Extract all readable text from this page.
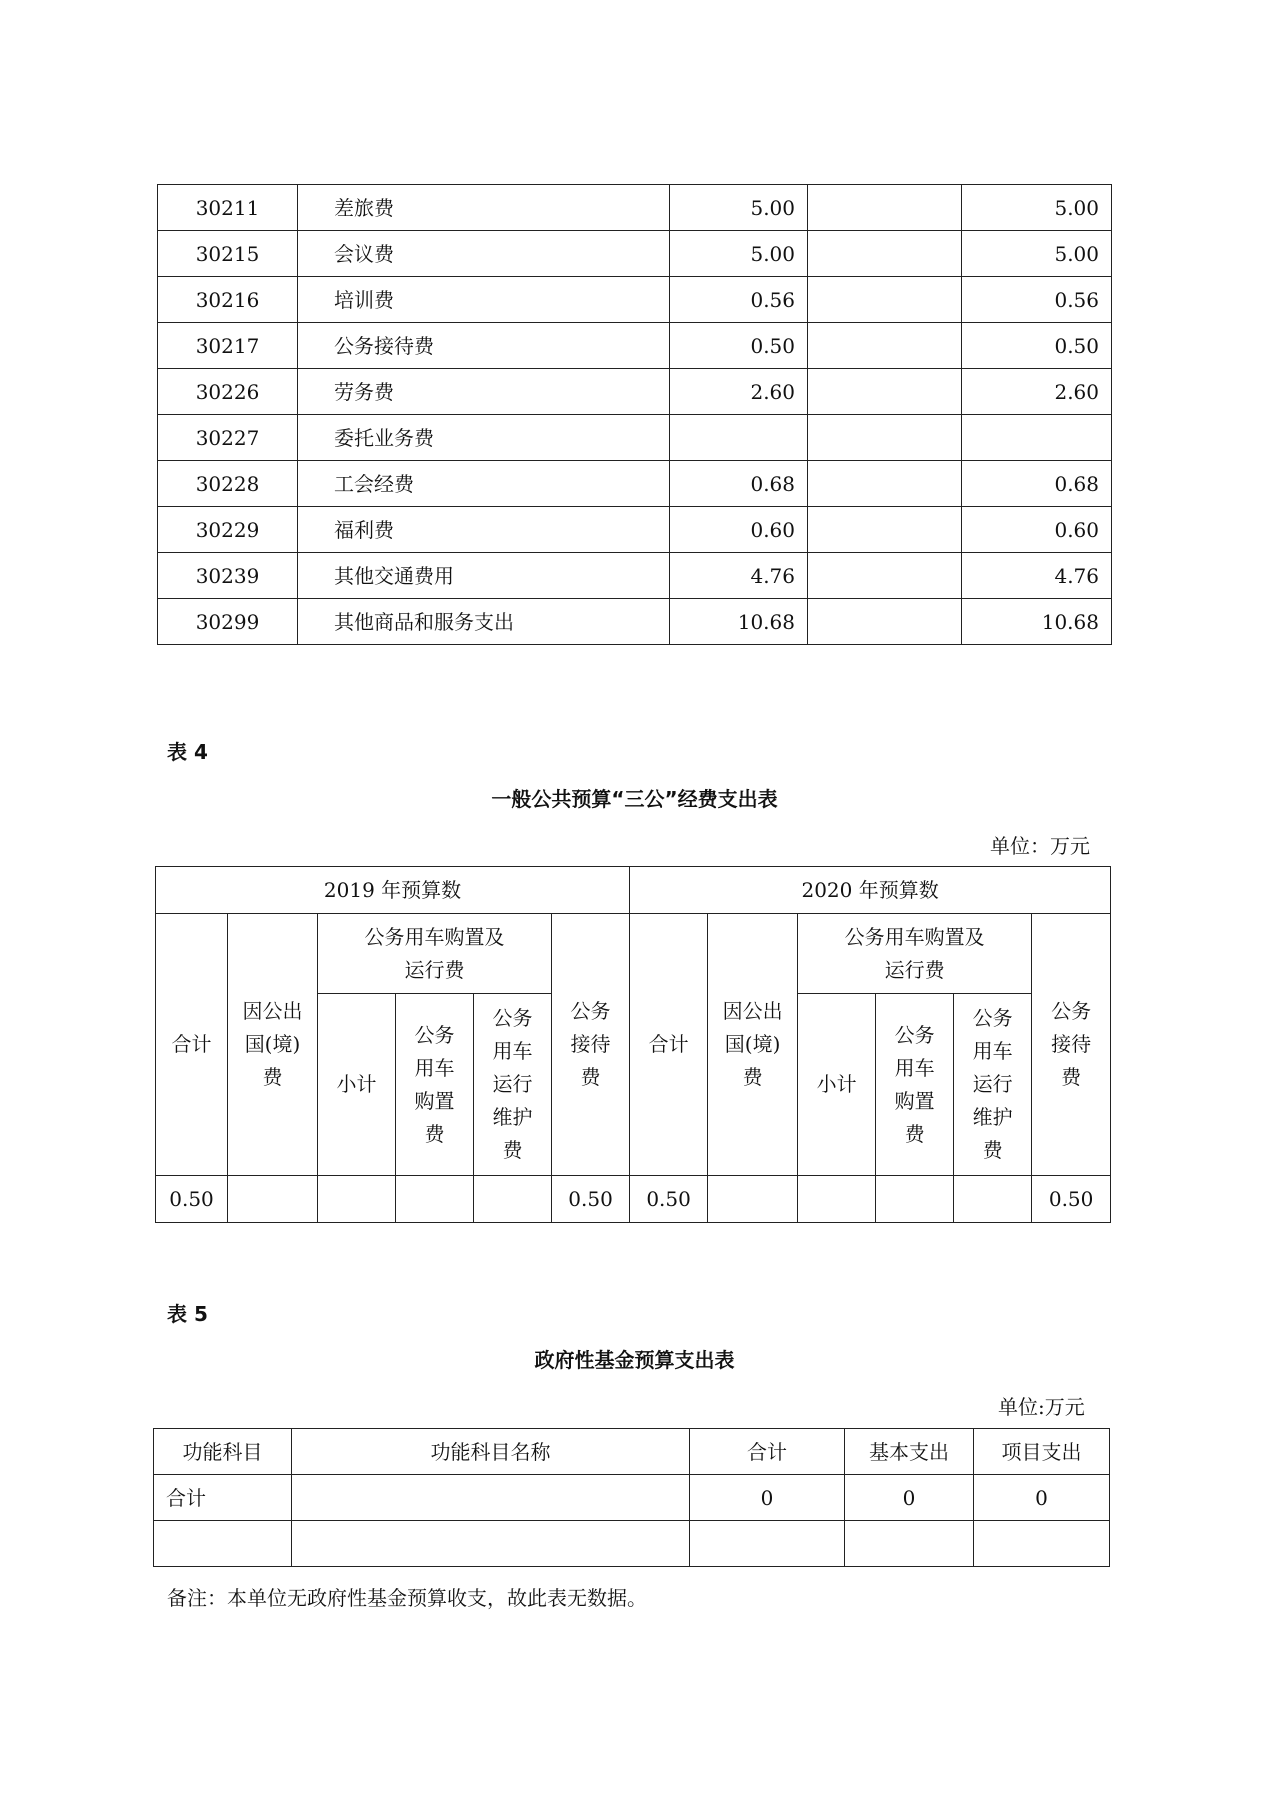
30211	差旅费	5.00		5.00
30215	会议费	5.00		5.00
30216	培训费	0.56		0.56
30217	公务接待费	0.50		0.50
30226	劳务费	2.60		2.60
30227	委托业务费			
30228	工会经费	0.68		0.68
30229	福利费	0.60		0.60
30239	其他交通费用	4.76		4.76
30299	其他商品和服务支出	10.68		10.68
表 4
一般公共预算“三公”经费支出表
单位：万元
2019 年预算数						2020 年预算数					
合计	因公出国(境)费	公务用车购置及运行费			公务接待费	合计	因公出国(境)费	公务用车购置及运行费			公务接待费
		小计	公务用车购置费	公务用车运行维护费				小计	公务用车购置费	公务用车运行维护费	
0.50					0.50	0.50					0.50
表 5
政府性基金预算支出表
单位:万元
功能科目	功能科目名称	合计	基本支出	项目支出
合计		0	0	0

备注：本单位无政府性基金预算收支，故此表无数据。
